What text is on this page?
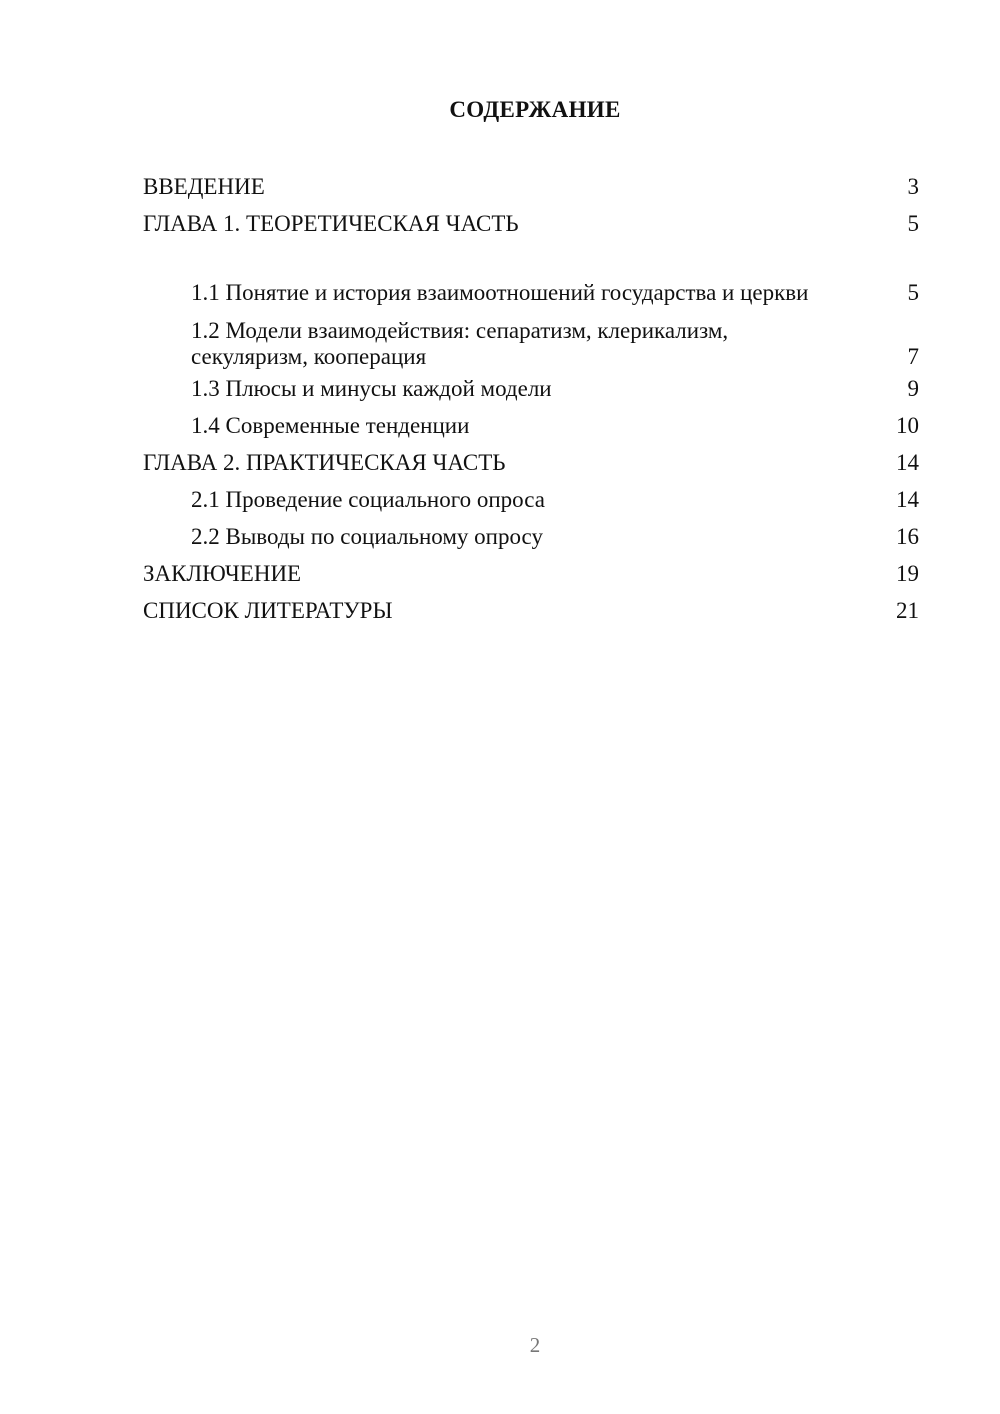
СОДЕРЖАНИЕ
ВВЕДЕНИЕ	3
ГЛАВА 1. ТЕОРЕТИЧЕСКАЯ ЧАСТЬ	5
1.1 Понятие и история взаимоотношений государства и церкви	5
1.2 Модели взаимодействия: сепаратизм, клерикализм, секуляризм, кооперация	7
1.3 Плюсы и минусы каждой модели	9
1.4 Современные тенденции	10
ГЛАВА 2. ПРАКТИЧЕСКАЯ ЧАСТЬ	14
2.1 Проведение социального опроса	14
2.2 Выводы по социальному опросу	16
ЗАКЛЮЧЕНИЕ	19
СПИСОК ЛИТЕРАТУРЫ	21
2
